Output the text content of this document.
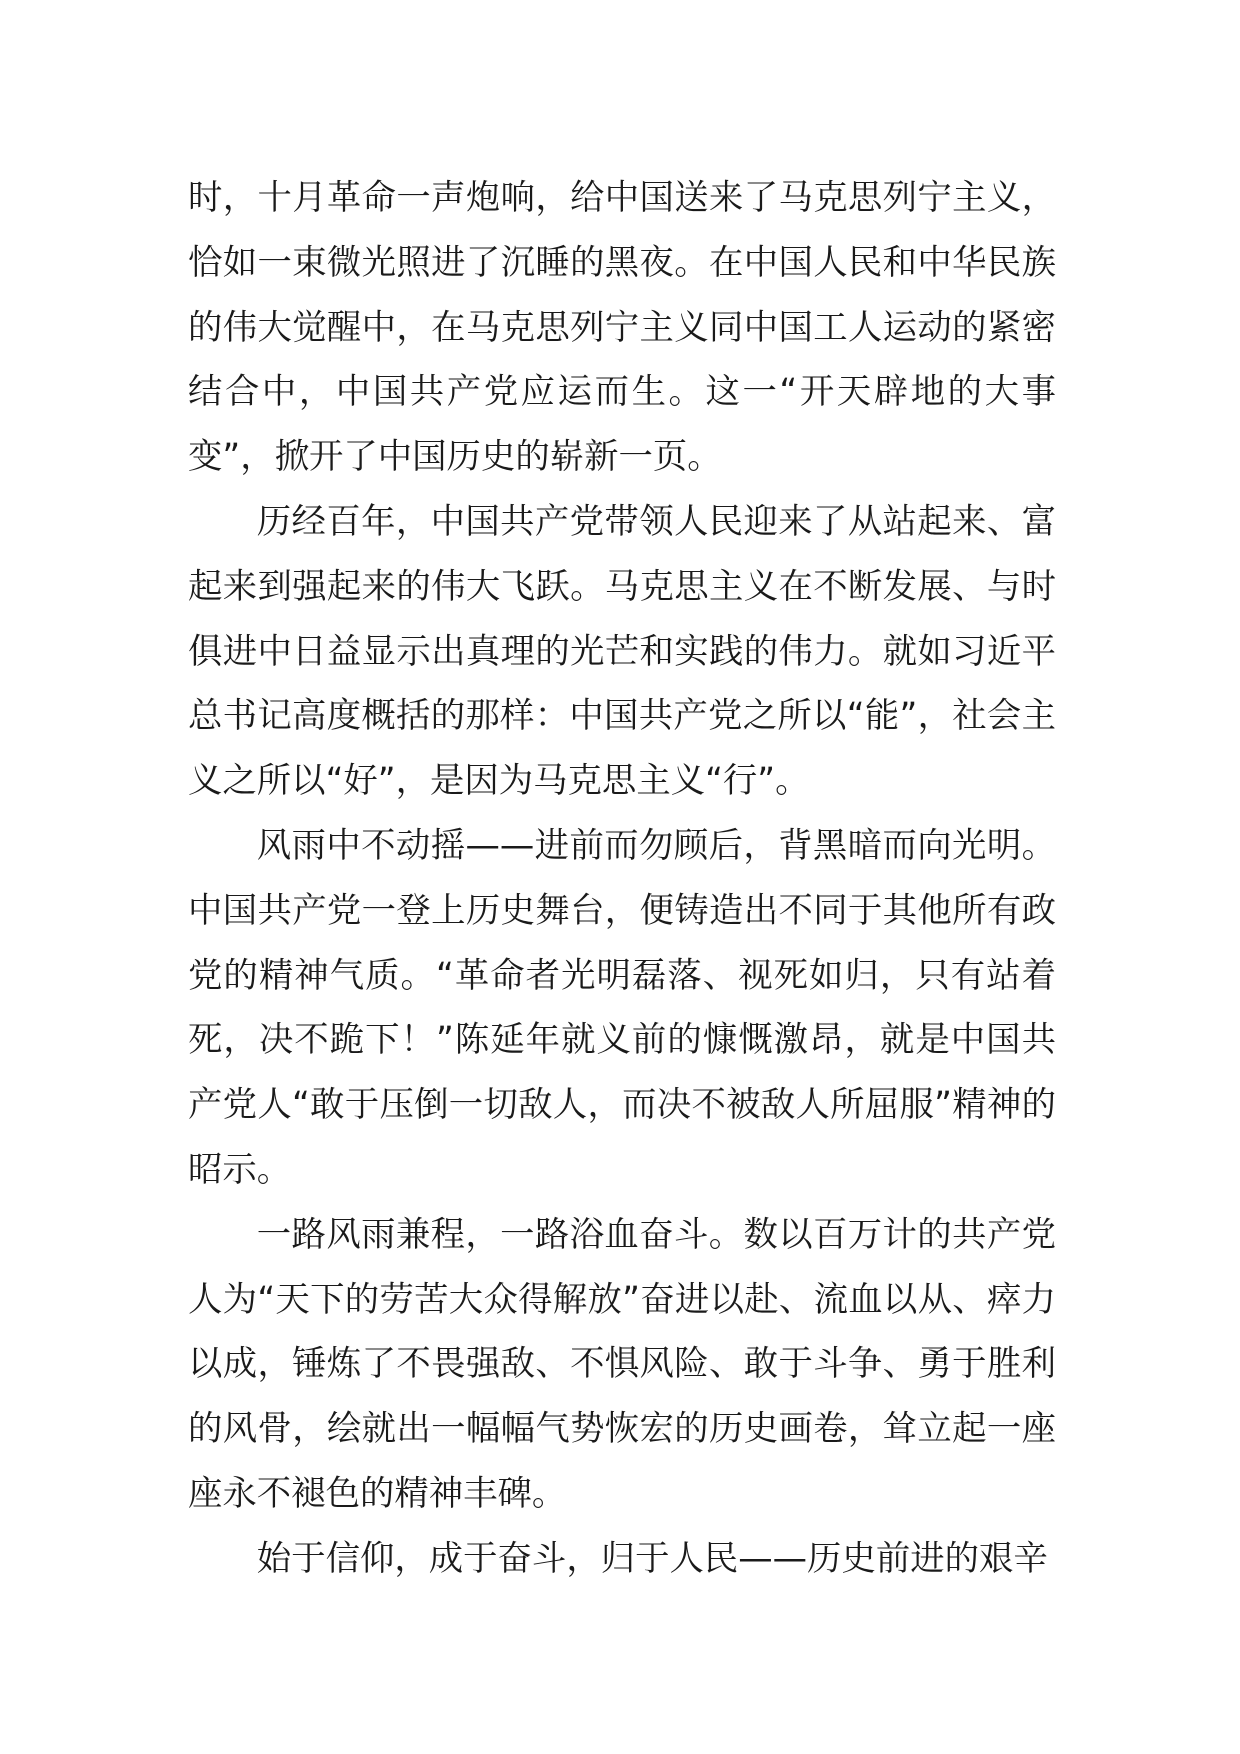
时，十月革命一声炮响，给中国送来了马克思列宁主义，恰如一束微光照进了沉睡的黑夜。在中国人民和中华民族的伟大觉醒中，在马克思列宁主义同中国工人运动的紧密结合中，中国共产党应运而生。这一“开天辟地的大事变”，掀开了中国历史的崭新一页。

历经百年，中国共产党带领人民迎来了从站起来、富起来到强起来的伟大飞跃。马克思主义在不断发展、与时俱进中日益显示出真理的光芒和实践的伟力。就如习近平总书记高度概括的那样：中国共产党之所以“能”，社会主义之所以“好”，是因为马克思主义“行”。

风雨中不动摇——进前而勿顾后，背黑暗而向光明。中国共产党一登上历史舞台，便铸造出不同于其他所有政党的精神气质。“革命者光明磊落、视死如归，只有站着死，决不跪下！”陈延年就义前的慷慨激昂，就是中国共产党人“敢于压倒一切敌人，而决不被敌人所屈服”精神的昭示。

一路风雨兼程，一路浴血奋斗。数以百万计的共产党人为“天下的劳苦大众得解放”奋进以赴、流血以从、瘁力以成，锤炼了不畏强敌、不惧风险、敢于斗争、勇于胜利的风骨，绘就出一幅幅气势恢宏的历史画卷，耸立起一座座永不褪色的精神丰碑。

始于信仰，成于奋斗，归于人民——历史前进的艰辛
